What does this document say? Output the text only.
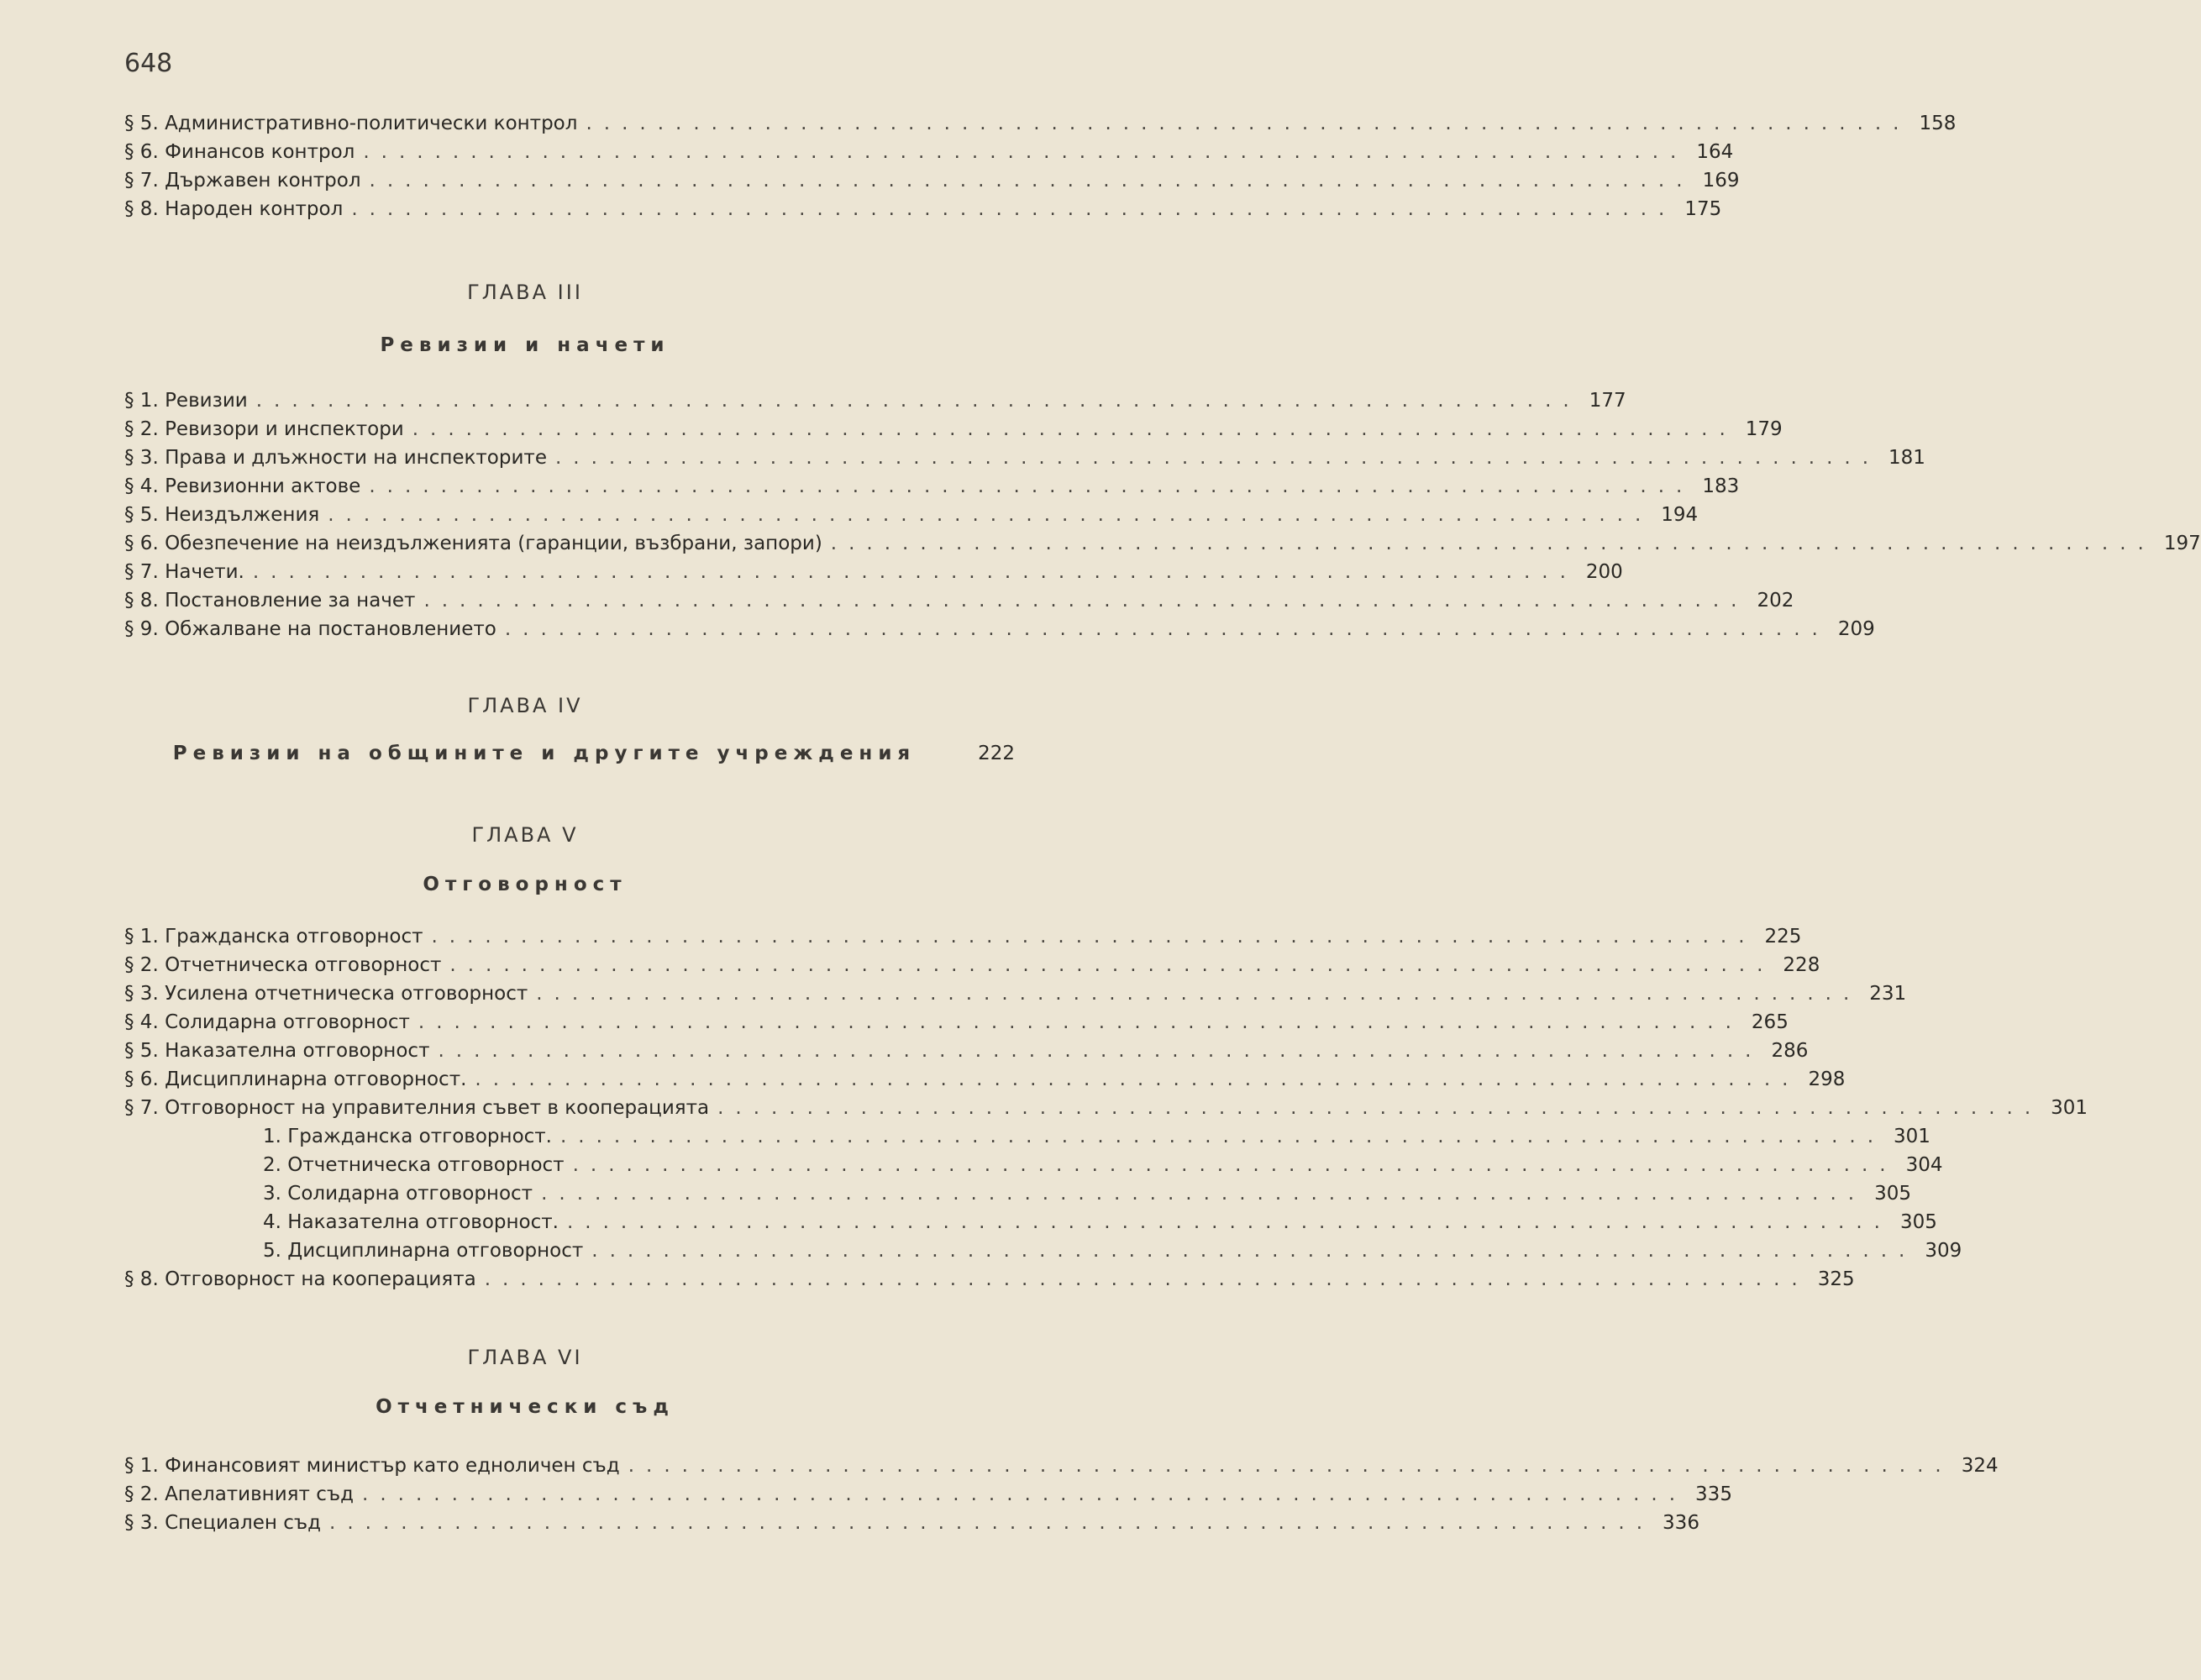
648
§ 5. Административно-политически контрол .......................................................................... 158
§ 6. Финансов контрол .......................................................................... 164
§ 7. Държавен контрол .......................................................................... 169
§ 8. Народен контрол .......................................................................... 175
ГЛАВА III
Ревизии и начети
§ 1. Ревизии .......................................................................... 177
§ 2. Ревизори и инспектори .......................................................................... 179
§ 3. Права и длъжности на инспекторите .......................................................................... 181
§ 4. Ревизионни актове .......................................................................... 183
§ 5. Неиздължения .......................................................................... 194
§ 6. Обезпечение на неиздълженията (гаранции, възбрани, запори) .......................................................................... 197
§ 7. Начети. .......................................................................... 200
§ 8. Постановление за начет .......................................................................... 202
§ 9. Обжалване на постановлението .......................................................................... 209
ГЛАВА IV
Ревизии на общините и другите учреждения	222
ГЛАВА V
Отговорност
§ 1. Гражданска отговорност .......................................................................... 225
§ 2. Отчетническа отговорност .......................................................................... 228
§ 3. Усилена отчетническа отговорност .......................................................................... 231
§ 4. Солидарна отговорност .......................................................................... 265
§ 5. Наказателна отговорност .......................................................................... 286
§ 6. Дисциплинарна отговорност. .......................................................................... 298
§ 7. Отговорност на управителния съвет в кооперацията .......................................................................... 301
1. Гражданска отговорност. .......................................................................... 301
2. Отчетническа отговорност .......................................................................... 304
3. Солидарна отговорност .......................................................................... 305
4. Наказателна отговорност. .......................................................................... 305
5. Дисциплинарна отговорност .......................................................................... 309
§ 8. Отговорност на кооперацията .......................................................................... 325
ГЛАВА VI
Отчетнически съд
§ 1. Финансовият министър като едноличен съд .......................................................................... 324
§ 2. Апелативният съд .......................................................................... 335
§ 3. Специален съд .......................................................................... 336
